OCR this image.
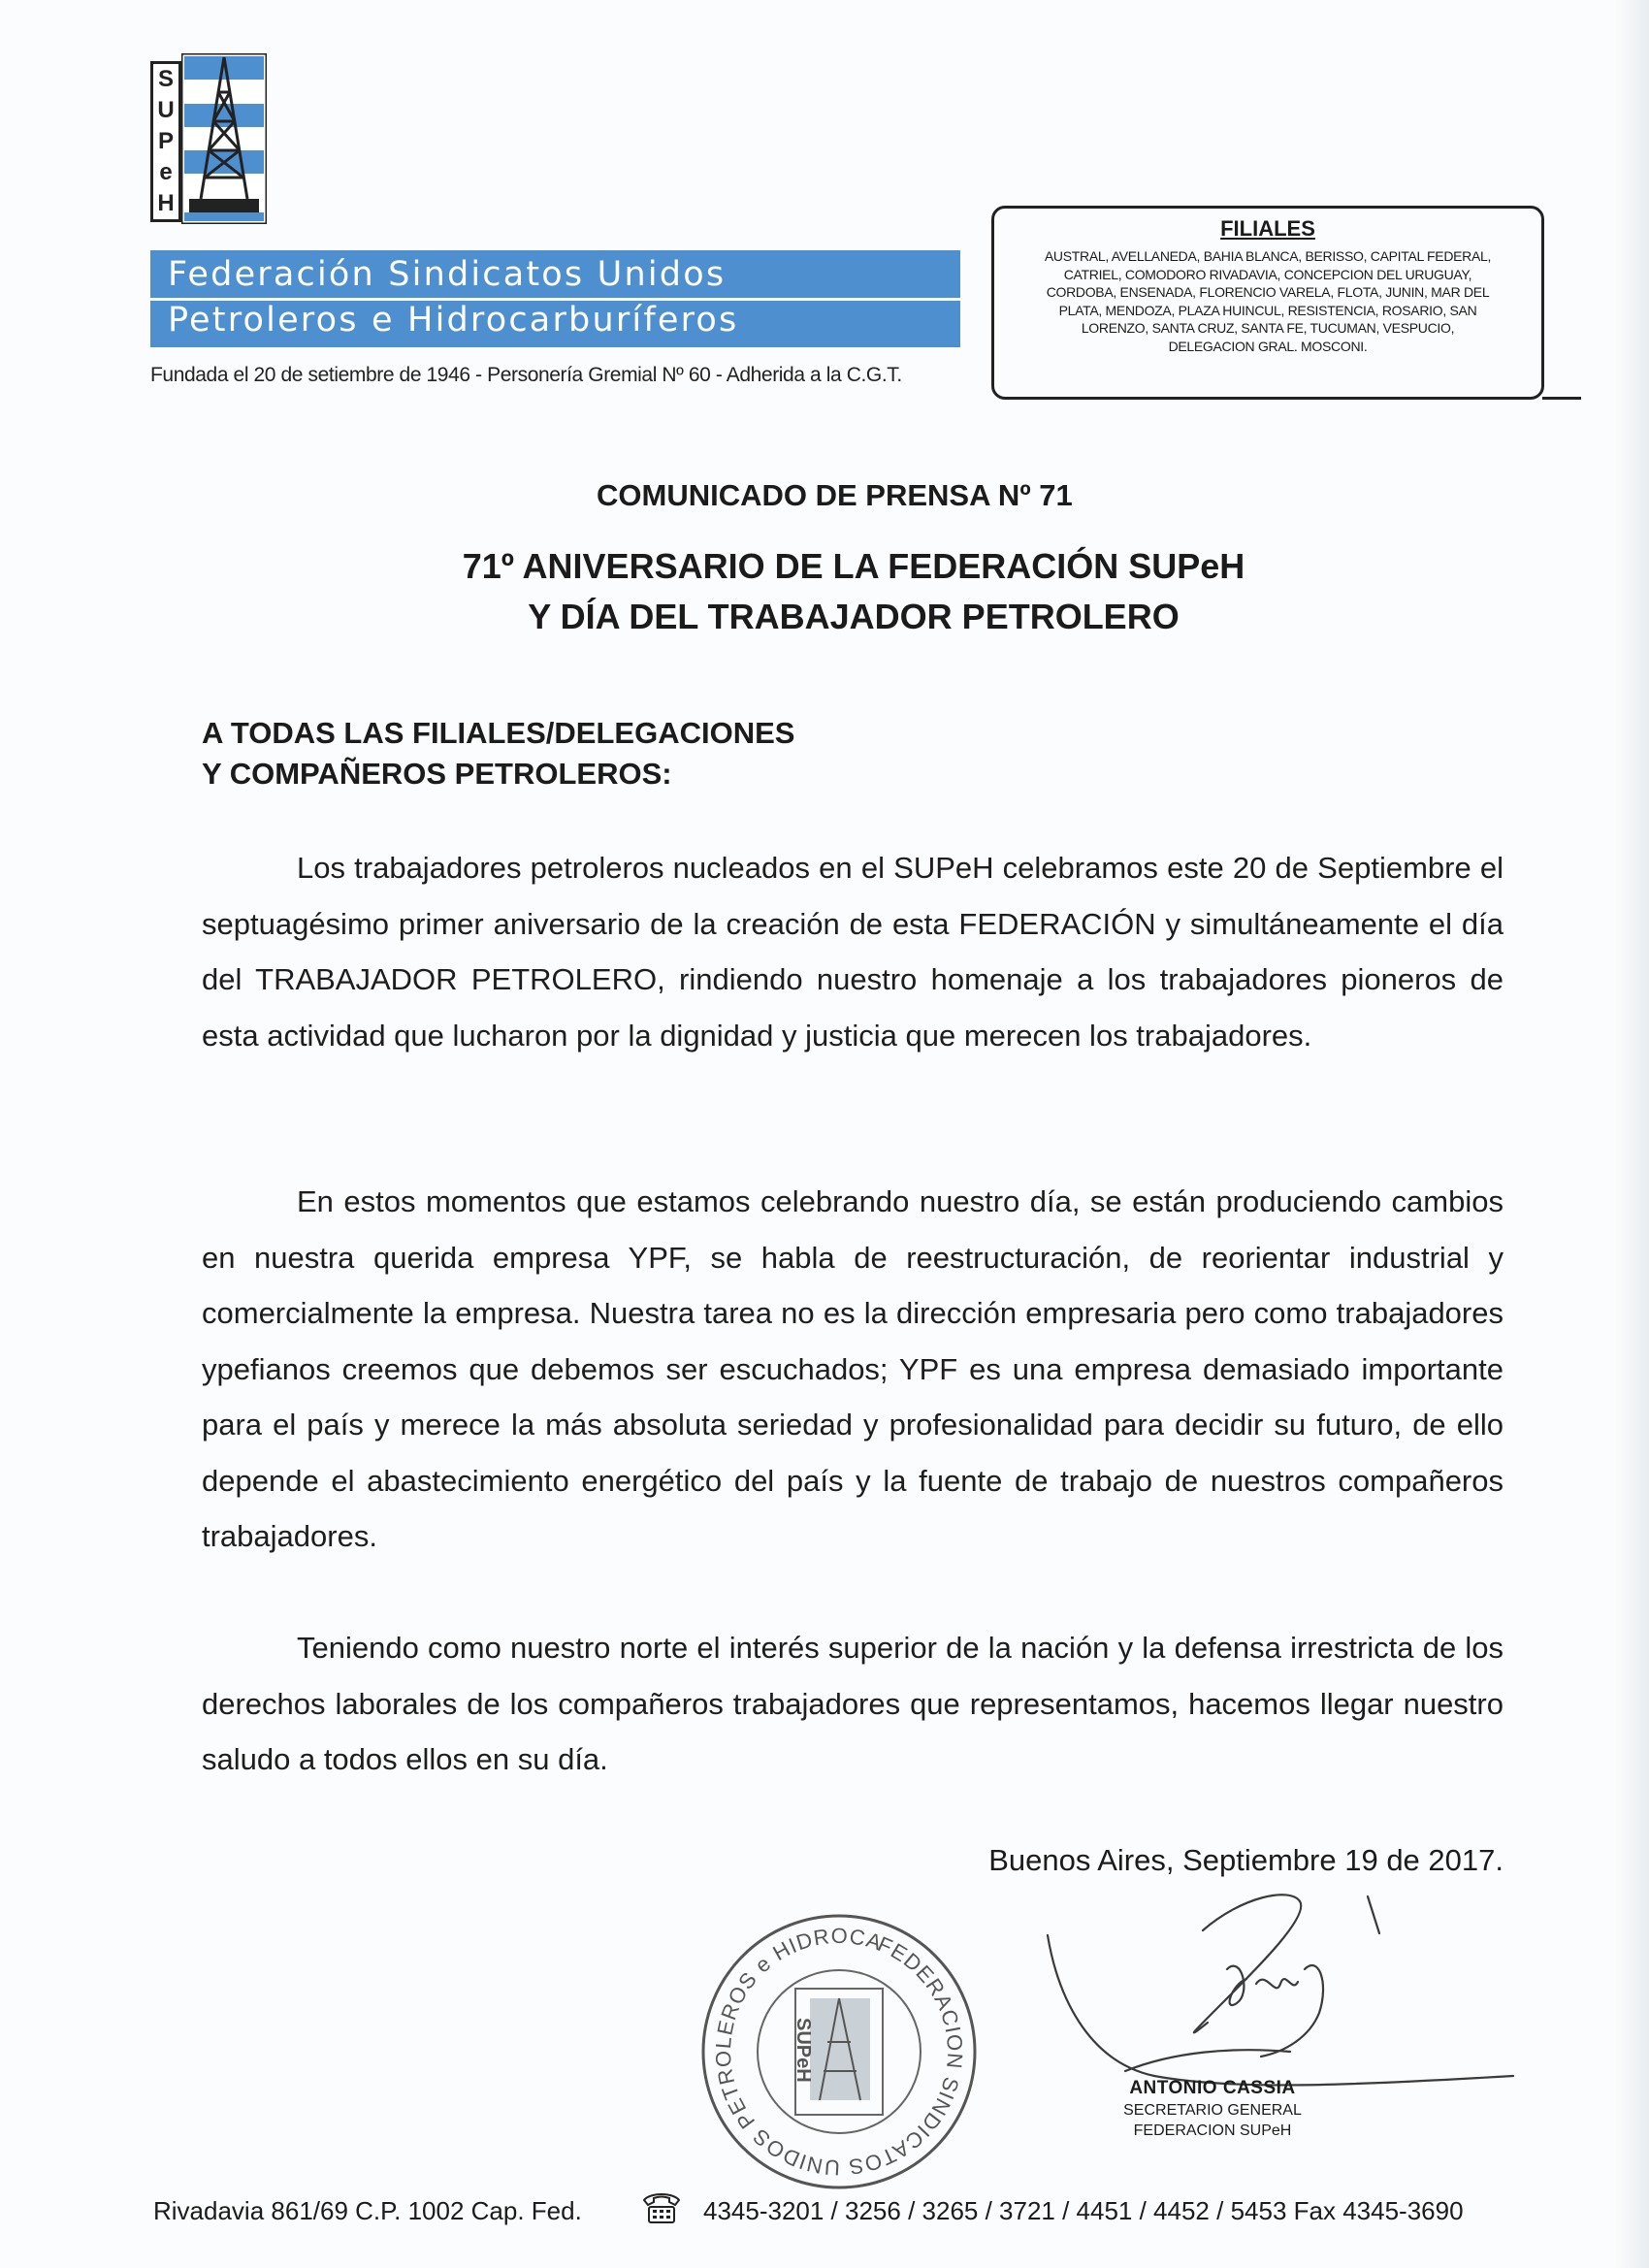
S
U
P
e
H
Federación Sindicatos Unidos
Petroleros e Hidrocarburíferos
Fundada el 20 de setiembre de 1946 - Personería Gremial Nº 60 - Adherida a la C.G.T.
FILIALES
AUSTRAL, AVELLANEDA, BAHIA BLANCA, BERISSO, CAPITAL FEDERAL, CATRIEL, COMODORO RIVADAVIA, CONCEPCION DEL URUGUAY, CORDOBA, ENSENADA, FLORENCIO VARELA, FLOTA, JUNIN, MAR DEL PLATA, MENDOZA, PLAZA HUINCUL, RESISTENCIA, ROSARIO, SAN LORENZO, SANTA CRUZ, SANTA FE, TUCUMAN, VESPUCIO, DELEGACION GRAL. MOSCONI.
COMUNICADO DE PRENSA Nº 71
71º ANIVERSARIO DE LA FEDERACIÓN SUPeH
Y DÍA DEL TRABAJADOR PETROLERO
A TODAS LAS FILIALES/DELEGACIONES
Y COMPAÑEROS PETROLEROS:
Los trabajadores petroleros nucleados en el SUPeH celebramos este 20 de Septiembre el septuagésimo primer aniversario de la creación de esta FEDERACIÓN y simultáneamente el día del TRABAJADOR PETROLERO, rindiendo nuestro homenaje a los trabajadores pioneros de esta actividad que lucharon por la dignidad y justicia que merecen los trabajadores.
En estos momentos que estamos celebrando nuestro día, se están produciendo cambios en nuestra querida empresa YPF, se habla de reestructuración, de reorientar industrial y comercialmente la empresa. Nuestra tarea no es la dirección empresaria pero como trabajadores ypefianos creemos que debemos ser escuchados; YPF es una empresa demasiado importante para el país y merece la más absoluta seriedad y profesionalidad para decidir su futuro, de ello depende el abastecimiento energético del país y la fuente de trabajo de nuestros compañeros trabajadores.
Teniendo como nuestro norte el interés superior de la nación y la defensa irrestricta de los derechos laborales de los compañeros trabajadores que representamos, hacemos llegar nuestro saludo a todos ellos en su día.
Buenos Aires, Septiembre 19 de 2017.
FEDERACION SINDICATOS UNIDOS PETROLEROS e HIDROCARBURIFEROS
SUPeH
ANTONIO CASSIA
SECRETARIO GENERAL
FEDERACION SUPeH
Rivadavia 861/69 C.P. 1002 Cap. Fed.	4345-3201 / 3256 / 3265 / 3721 / 4451 / 4452 / 5453 Fax 4345-3690
